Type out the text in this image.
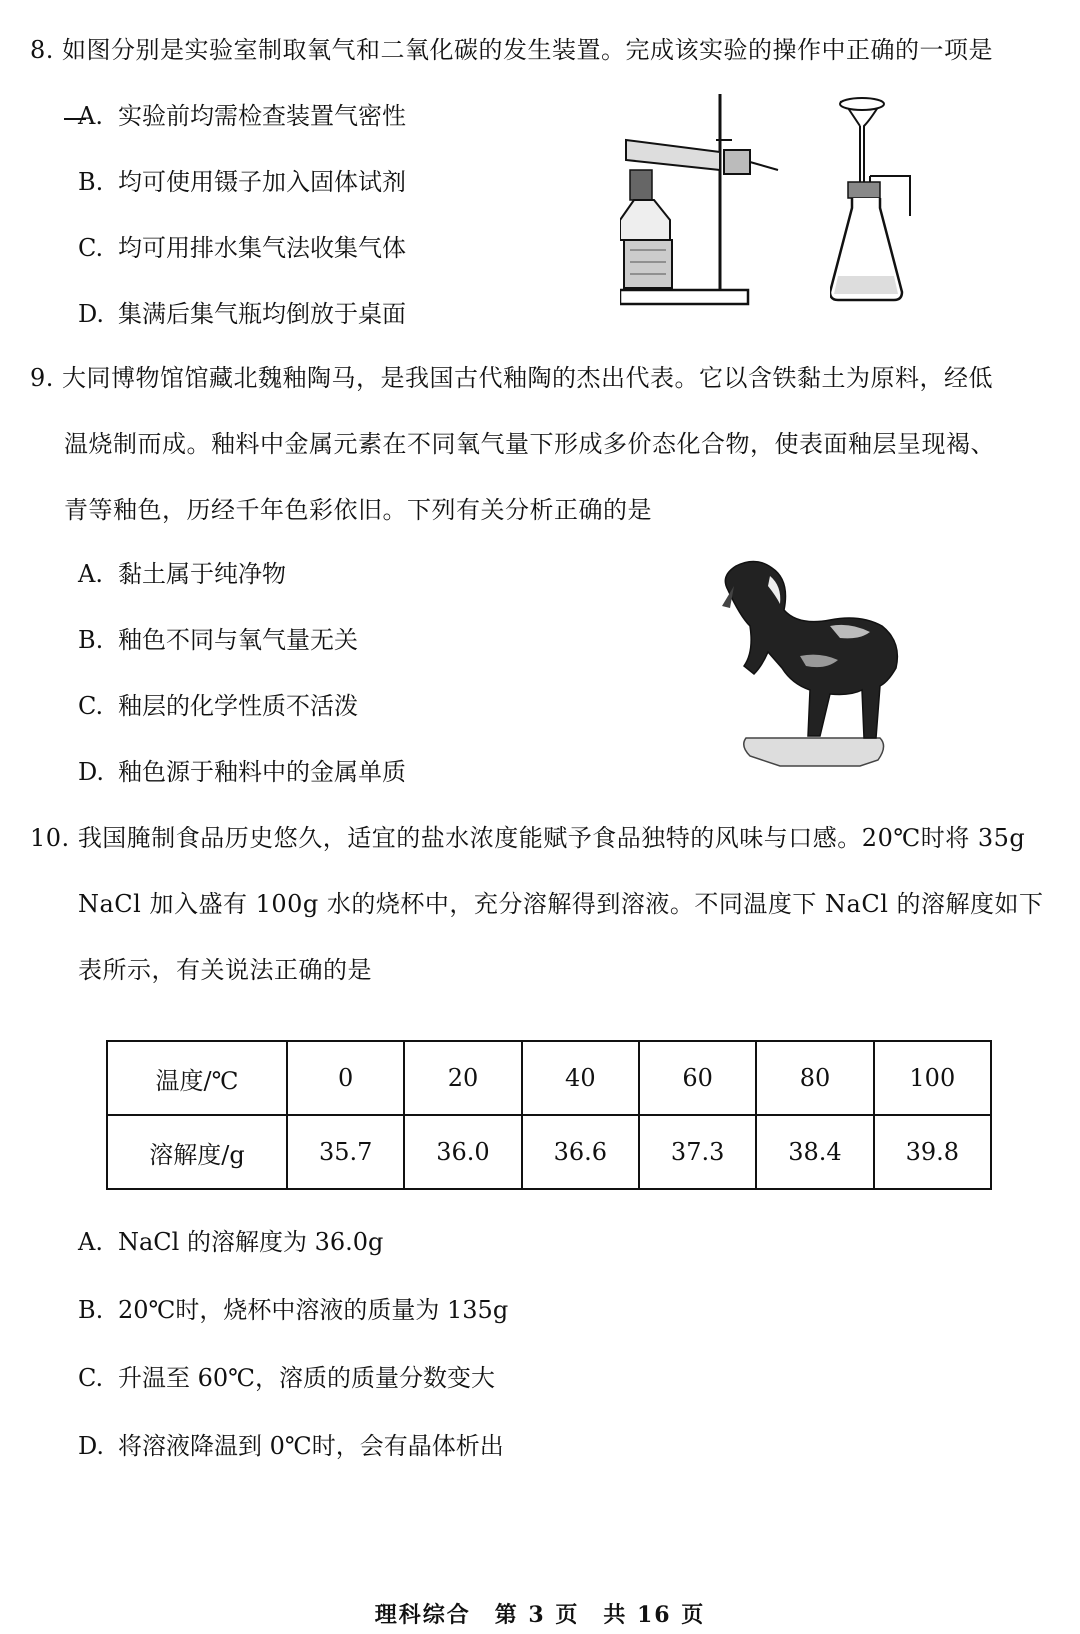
8. 如图分别是实验室制取氧气和二氧化碳的发生装置。完成该实验的操作中正确的一项是
A. 实验前均需检查装置气密性
B. 均可使用镊子加入固体试剂
C. 均可用排水集气法收集气体
D. 集满后集气瓶均倒放于桌面
9. 大同博物馆馆藏北魏釉陶马，是我国古代釉陶的杰出代表。它以含铁黏土为原料，经低
温烧制而成。釉料中金属元素在不同氧气量下形成多价态化合物，使表面釉层呈现褐、
青等釉色，历经千年色彩依旧。下列有关分析正确的是
A. 黏土属于纯净物
B. 釉色不同与氧气量无关
C. 釉层的化学性质不活泼
D. 釉色源于釉料中的金属单质
10. 我国腌制食品历史悠久，适宜的盐水浓度能赋予食品独特的风味与口感。20℃时将 35g
NaCl 加入盛有 100g 水的烧杯中，充分溶解得到溶液。不同温度下 NaCl 的溶解度如下
表所示，有关说法正确的是
温度/℃	0	20	40	60	80	100
溶解度/g	35.7	36.0	36.6	37.3	38.4	39.8
A. NaCl 的溶解度为 36.0g
B. 20℃时，烧杯中溶液的质量为 135g
C. 升温至 60℃，溶质的质量分数变大
D. 将溶液降温到 0℃时，会有晶体析出
理科综合　第 3 页　共 16 页
